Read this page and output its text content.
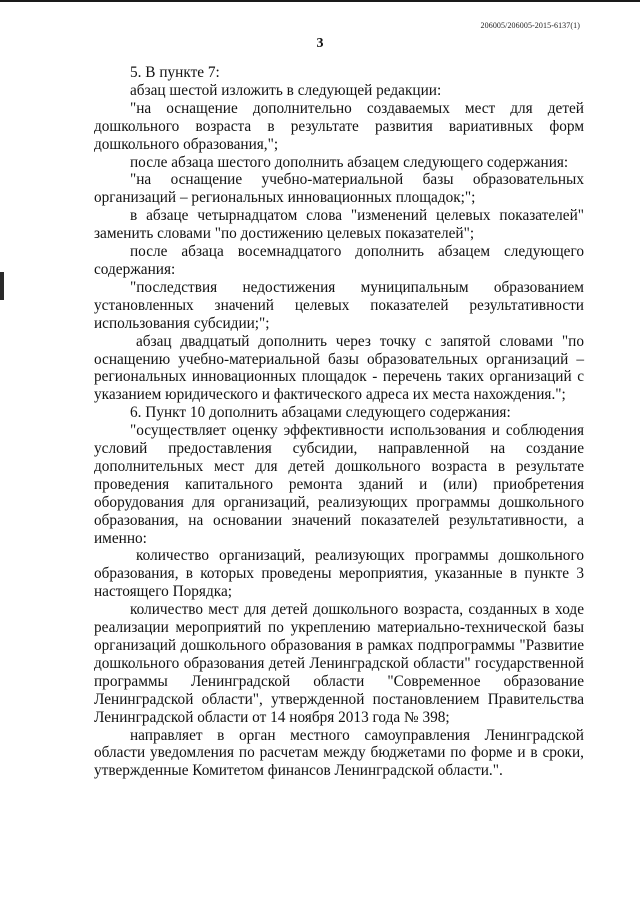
206005/206005-2015-6137(1)
3

5. В пункте 7:

абзац шестой изложить в следующей редакции:

"на оснащение дополнительно создаваемых мест для детей дошкольного возраста в результате развития вариативных форм дошкольного образования,";

после абзаца шестого дополнить абзацем следующего содержания:

"на оснащение учебно-материальной базы образовательных организаций – региональных инновационных площадок;";

в абзаце четырнадцатом слова "изменений целевых показателей" заменить словами "по достижению целевых показателей";

после абзаца восемнадцатого дополнить абзацем следующего содержания:

"последствия недостижения муниципальным образованием установленных значений целевых показателей результативности использования субсидии;";

абзац двадцатый дополнить через точку с запятой словами "по оснащению учебно-материальной базы образовательных организаций – региональных инновационных площадок - перечень таких организаций с указанием юридического и фактического адреса их места нахождения.";

6. Пункт 10 дополнить абзацами следующего содержания:

"осуществляет оценку эффективности использования и соблюдения условий предоставления субсидии, направленной на создание дополнительных мест для детей дошкольного возраста в результате проведения капитального ремонта зданий и (или) приобретения оборудования для организаций, реализующих программы дошкольного образования, на основании значений показателей результативности, а именно:

количество организаций, реализующих программы дошкольного образования, в которых проведены мероприятия, указанные в пункте 3 настоящего Порядка;

количество мест для детей дошкольного возраста, созданных в ходе реализации мероприятий по укреплению материально-технической базы организаций дошкольного образования в рамках подпрограммы "Развитие дошкольного образования детей Ленинградской области" государственной программы Ленинградской области "Современное образование Ленинградской области", утвержденной постановлением Правительства Ленинградской области от 14 ноября 2013 года № 398;

направляет в орган местного самоуправления Ленинградской области уведомления по расчетам между бюджетами по форме и в сроки, утвержденные Комитетом финансов Ленинградской области.".
